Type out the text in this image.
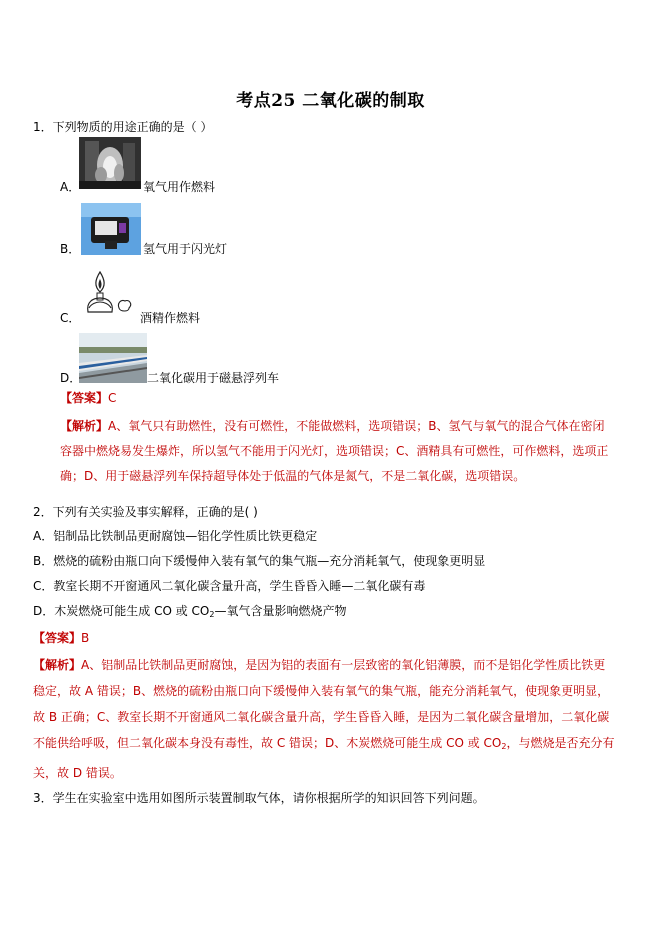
考点25 二氧化碳的制取
1．下列物质的用途正确的是（ ）
A．	氧气用作燃料
B．	氢气用于闪光灯
C．	酒精作燃料
D．	二氧化碳用于磁悬浮列车
【答案】C
【解析】A、氧气只有助燃性，没有可燃性，不能做燃料，选项错误；B、氢气与氧气的混合气体在密闭容器中燃烧易发生爆炸，所以氢气不能用于闪光灯，选项错误；C、酒精具有可燃性，可作燃料，选项正确；D、用于磁悬浮列车保持超导体处于低温的气体是氮气，不是二氧化碳，选项错误。
2．下列有关实验及事实解释，正确的是( )
A．铝制品比铁制品更耐腐蚀—铝化学性质比铁更稳定
B．燃烧的硫粉由瓶口向下缓慢伸入装有氧气的集气瓶—充分消耗氧气，使现象更明显
C．教室长期不开窗通风二氧化碳含量升高，学生昏昏入睡—二氧化碳有毒
D．木炭燃烧可能生成 CO 或 $CO_2—$氧气含量影响燃烧产物
【答案】B
【解析】A、铝制品比铁制品更耐腐蚀，是因为铝的表面有一层致密的氧化铝薄膜，而不是铝化学性质比铁更稳定，故 A 错误；B、燃烧的硫粉由瓶口向下缓慢伸入装有氧气的集气瓶，能充分消耗氧气，使现象更明显，故 B 正确；C、教室长期不开窗通风二氧化碳含量升高，学生昏昏入睡，是因为二氧化碳含量增加，二氧化碳不能供给呼吸，但二氧化碳本身没有毒性，故 C 错误；D、木炭燃烧可能生成 CO 或 CO2，与燃烧是否充分有关，故 D 错误。
3．学生在实验室中选用如图所示装置制取气体，请你根据所学的知识回答下列问题。
